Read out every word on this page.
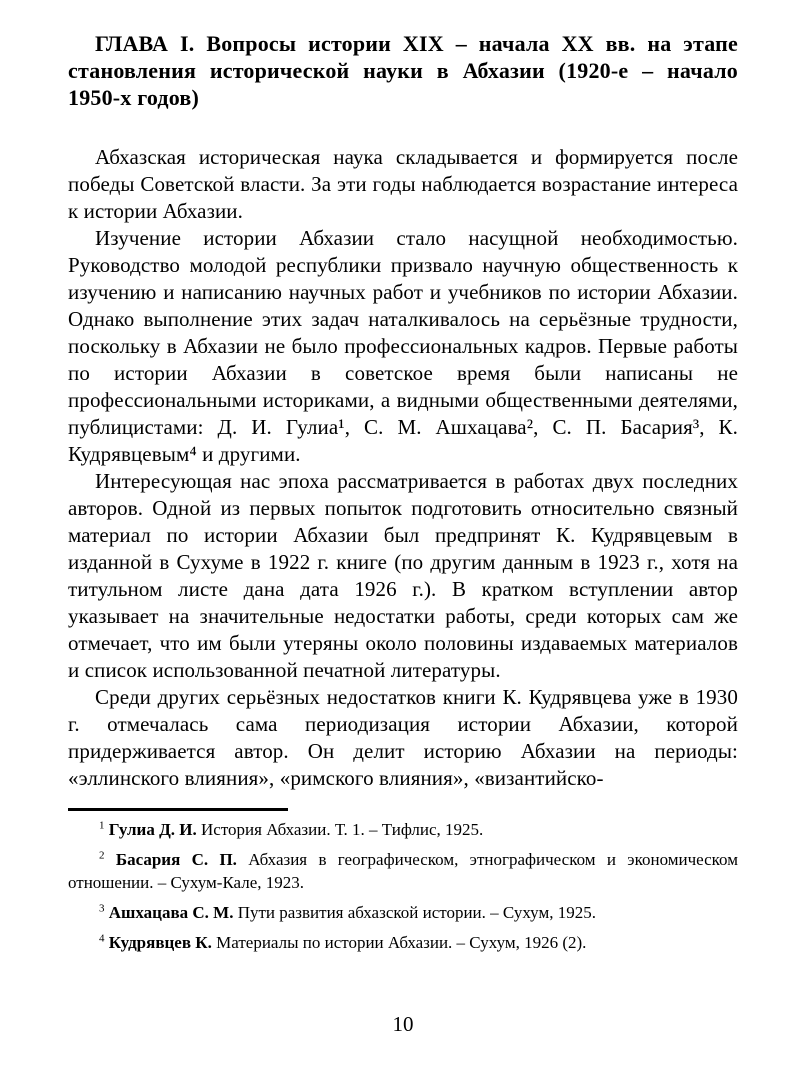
ГЛАВА I. Вопросы истории XIX – начала XX вв. на этапе становления исторической науки в Абхазии (1920-е – начало 1950-х годов)

Абхазская историческая наука складывается и формируется после победы Советской власти. За эти годы наблюдается возрастание интереса к истории Абхазии.

Изучение истории Абхазии стало насущной необходимостью. Руководство молодой республики призвало научную общественность к изучению и написанию научных работ и учебников по истории Абхазии. Однако выполнение этих задач наталкивалось на серьёзные трудности, поскольку в Абхазии не было профессиональных кадров. Первые работы по истории Абхазии в советское время были написаны не профессиональными историками, а видными общественными деятелями, публицистами: Д. И. Гулиа¹, С. М. Ашхацава², С. П. Басария³, К. Кудрявцевым⁴ и другими.

Интересующая нас эпоха рассматривается в работах двух последних авторов. Одной из первых попыток подготовить относительно связный материал по истории Абхазии был предпринят К. Кудрявцевым в изданной в Сухуме в 1922 г. книге (по другим данным в 1923 г., хотя на титульном листе дана дата 1926 г.). В кратком вступлении автор указывает на значительные недостатки работы, среди которых сам же отмечает, что им были утеряны около половины издаваемых материалов и список использованной печатной литературы.

Среди других серьёзных недостатков книги К. Кудрявцева уже в 1930 г. отмечалась сама периодизация истории Абхазии, которой придерживается автор. Он делит историю Абхазии на периоды: «эллинского влияния», «римского влияния», «византийско-

$^1$ Гулиа Д. И. История Абхазии. Т. 1. – Тифлис, 1925.

$^2$ Басария С. П. Абхазия в географическом, этнографическом и экономическом отношении. – Сухум-Кале, 1923.

$^3$ Ашхацава С. М. Пути развития абхазской истории. – Сухум, 1925.

$^4$ Кудрявцев К. Материалы по истории Абхазии. – Сухум, 1926 (2).

10
